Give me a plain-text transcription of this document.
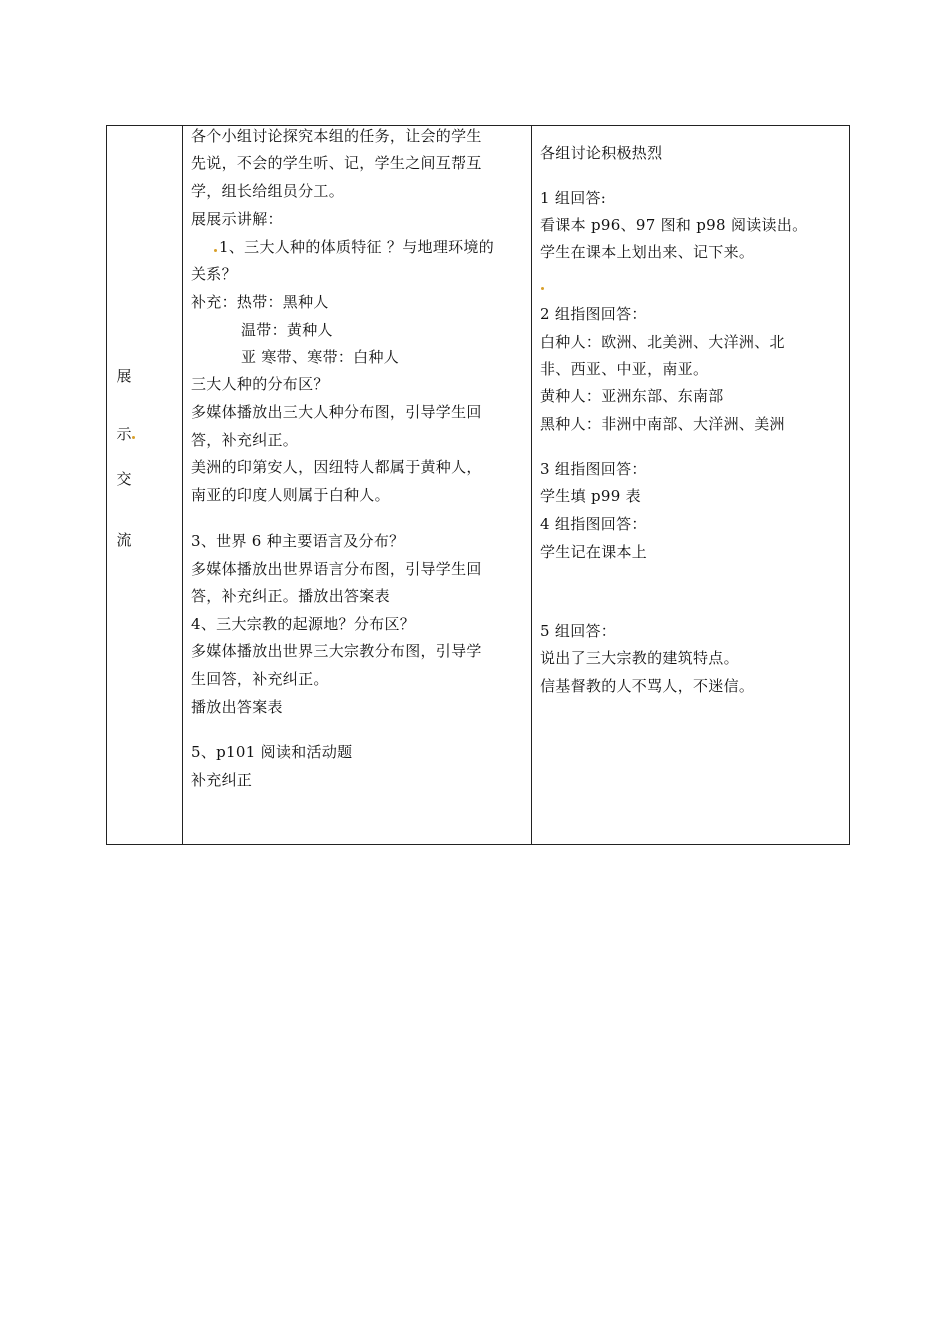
展
示
交
流
各个小组讨论探究本组的任务，让会的学生
先说，不会的学生听、记，学生之间互帮互
学，组长给组员分工。
展展示讲解：
1、三大人种的体质特征 ？与地理环境的
关系？
补充：热带：黑种人
温带：黄种人
亚 寒带、寒带：白种人
三大人种的分布区？
多媒体播放出三大人种分布图，引导学生回
答，补充纠正。
美洲的印第安人，因纽特人都属于黄种人，
南亚的印度人则属于白种人。
3、世界 6 种主要语言及分布？
多媒体播放出世界语言分布图，引导学生回
答，补充纠正。播放出答案表
4、三大宗教的起源地？分布区？
多媒体播放出世界三大宗教分布图，引导学
生回答，补充纠正。
播放出答案表
5、p101 阅读和活动题
补充纠正
各组讨论积极热烈
1 组回答:
看课本 p96、97 图和 p98 阅读读出。
学生在课本上划出来、记下来。
2 组指图回答：
白种人：欧洲、北美洲、大洋洲、北
非、西亚、中亚，南亚。
黄种人：亚洲东部、东南部
黑种人：非洲中南部、大洋洲、美洲
3 组指图回答：
学生填 p99 表
4 组指图回答：
学生记在课本上
5 组回答：
说出了三大宗教的建筑特点。
信基督教的人不骂人，不迷信。
